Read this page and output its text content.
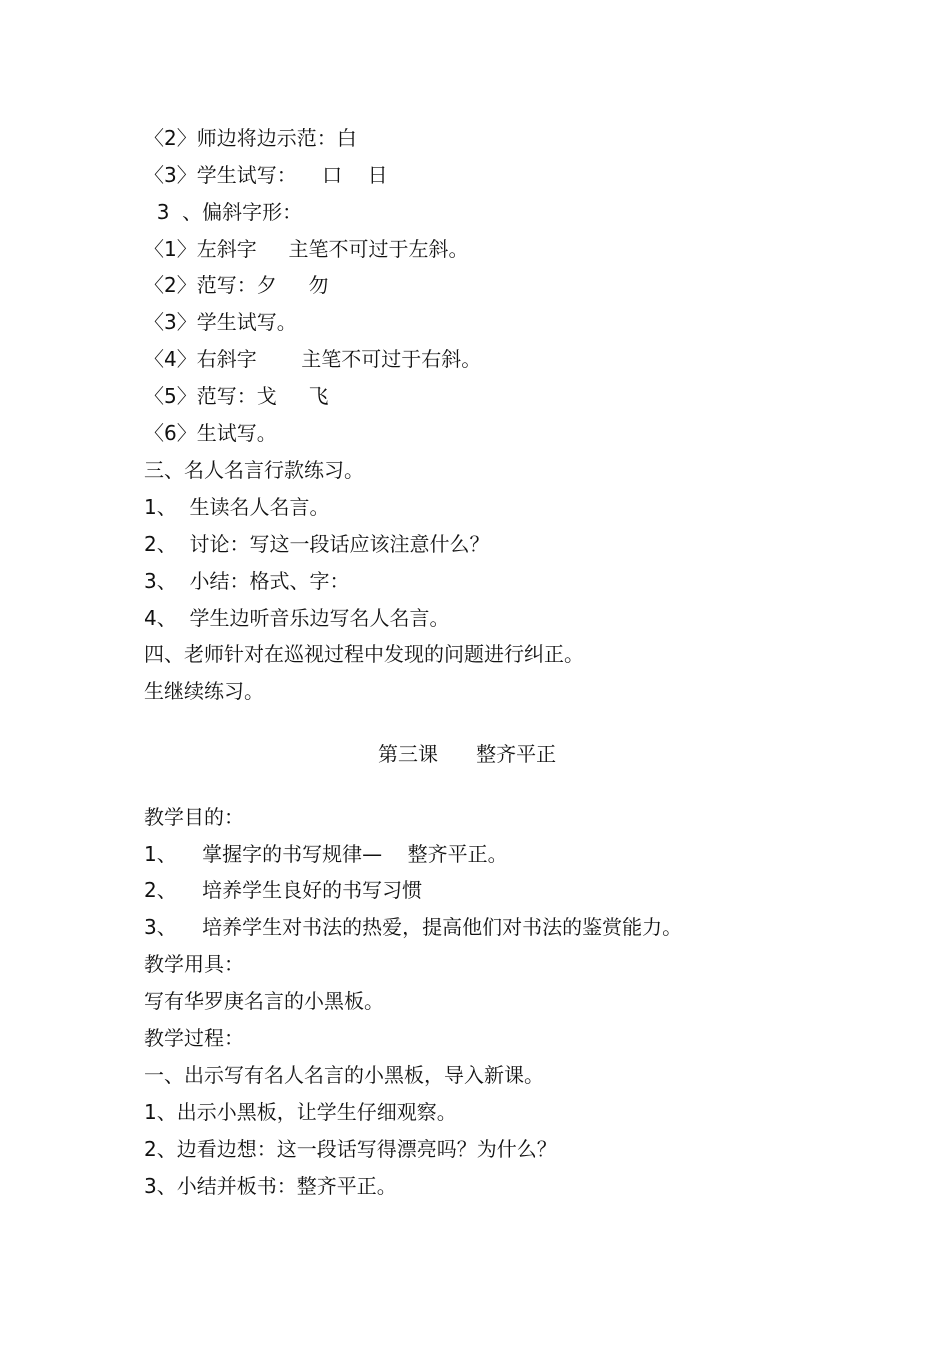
〈2〉师边将边示范：白
〈3〉学生试写：    口    日
3  、偏斜字形：
〈1〉左斜字     主笔不可过于左斜。
〈2〉范写：夕     勿
〈3〉学生试写。
〈4〉右斜字       主笔不可过于右斜。
〈5〉范写：戈     飞
〈6〉生试写。
三、名人名言行款练习。
1、  生读名人名言。
2、  讨论：写这一段话应该注意什么？
3、  小结：格式、字：
4、  学生边听音乐边写名人名言。
四、老师针对在巡视过程中发现的问题进行纠正。
生继续练习。
第三课      整齐平正
教学目的：
1、    掌握字的书写规律—    整齐平正。
2、    培养学生良好的书写习惯
3、    培养学生对书法的热爱，提高他们对书法的鉴赏能力。
教学用具：
写有华罗庚名言的小黑板。
教学过程：
一、出示写有名人名言的小黑板，导入新课。
1、出示小黑板，让学生仔细观察。
2、边看边想：这一段话写得漂亮吗？为什么？
3、小结并板书：整齐平正。
